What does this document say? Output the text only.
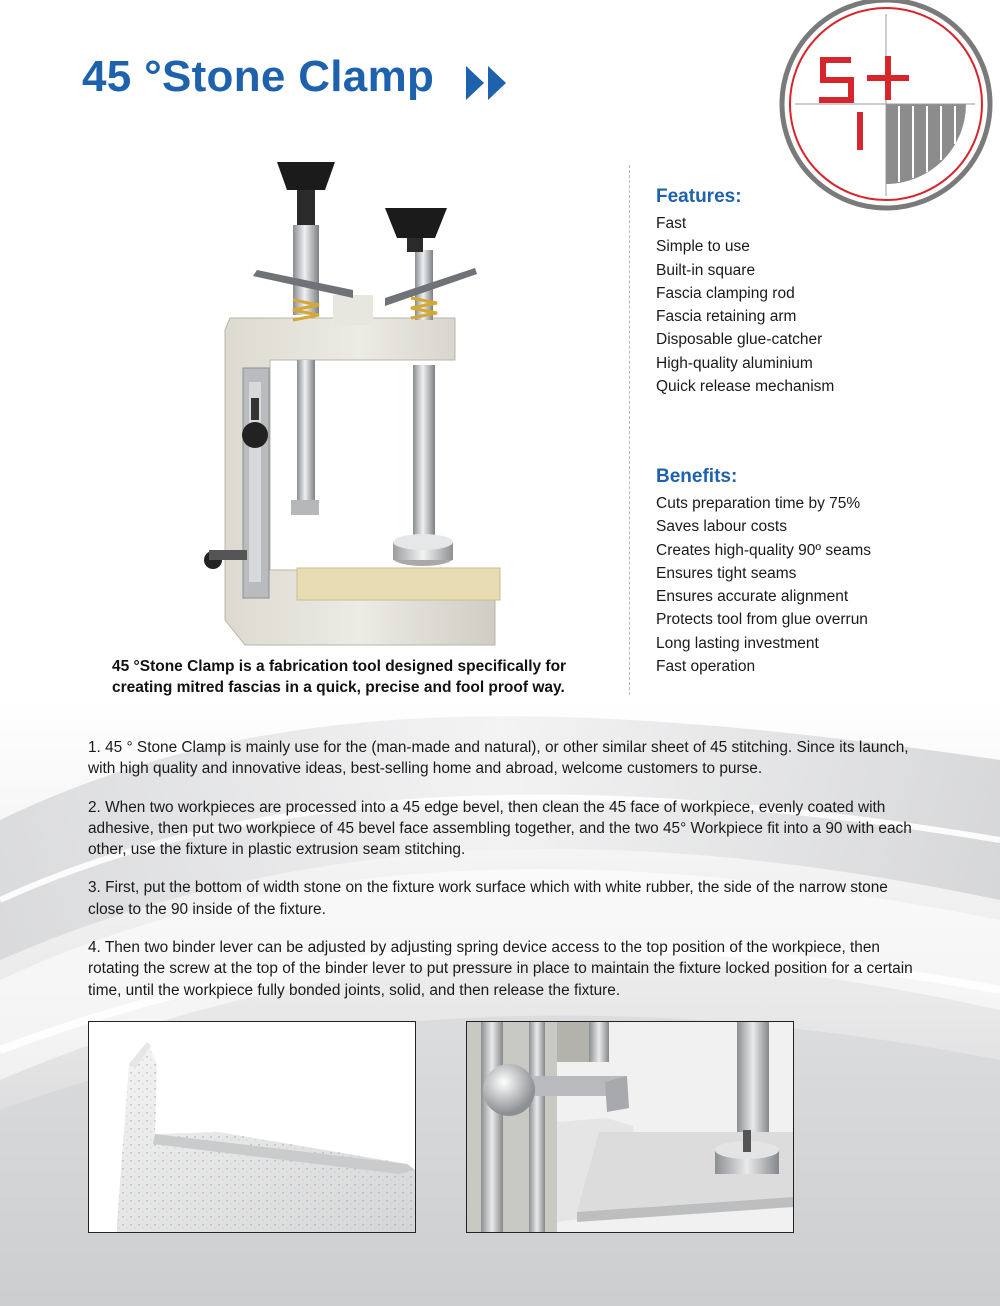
45 °Stone Clamp
45 °Stone Clamp is a fabrication tool designed specifically for
creating mitred fascias in a quick, precise and fool proof way.
Features:
Fast
Simple to use
Built-in square
Fascia clamping rod
Fascia retaining arm
Disposable glue-catcher
High-quality aluminium
Quick release mechanism
Benefits:
Cuts preparation time by 75%
Saves labour costs
Creates high-quality 90º seams
Ensures tight seams
Ensures accurate alignment
Protects tool from glue overrun
Long lasting investment
Fast operation

1. 45 ° Stone Clamp is mainly use for the (man-made and natural), or other similar sheet of 45 stitching. Since its launch, with high quality and innovative ideas, best-selling home and abroad, welcome customers to purse.

2. When two workpieces are processed into a 45 edge bevel, then clean the 45 face of workpiece, evenly coated with adhesive, then put two workpiece of 45 bevel face assembling together, and the two 45° Workpiece fit into a 90 with each other, use the fixture in plastic extrusion seam stitching.

3. First, put the bottom of width stone on the fixture work surface which with white rubber, the side of the narrow stone close to the 90 inside of the fixture.

4. Then two binder lever can be adjusted by adjusting spring device access to the top position of the workpiece, then rotating the screw at the top of the binder lever to put pressure in place to maintain the fixture locked position for a certain time, until the workpiece fully bonded joints, solid, and then release the fixture.
